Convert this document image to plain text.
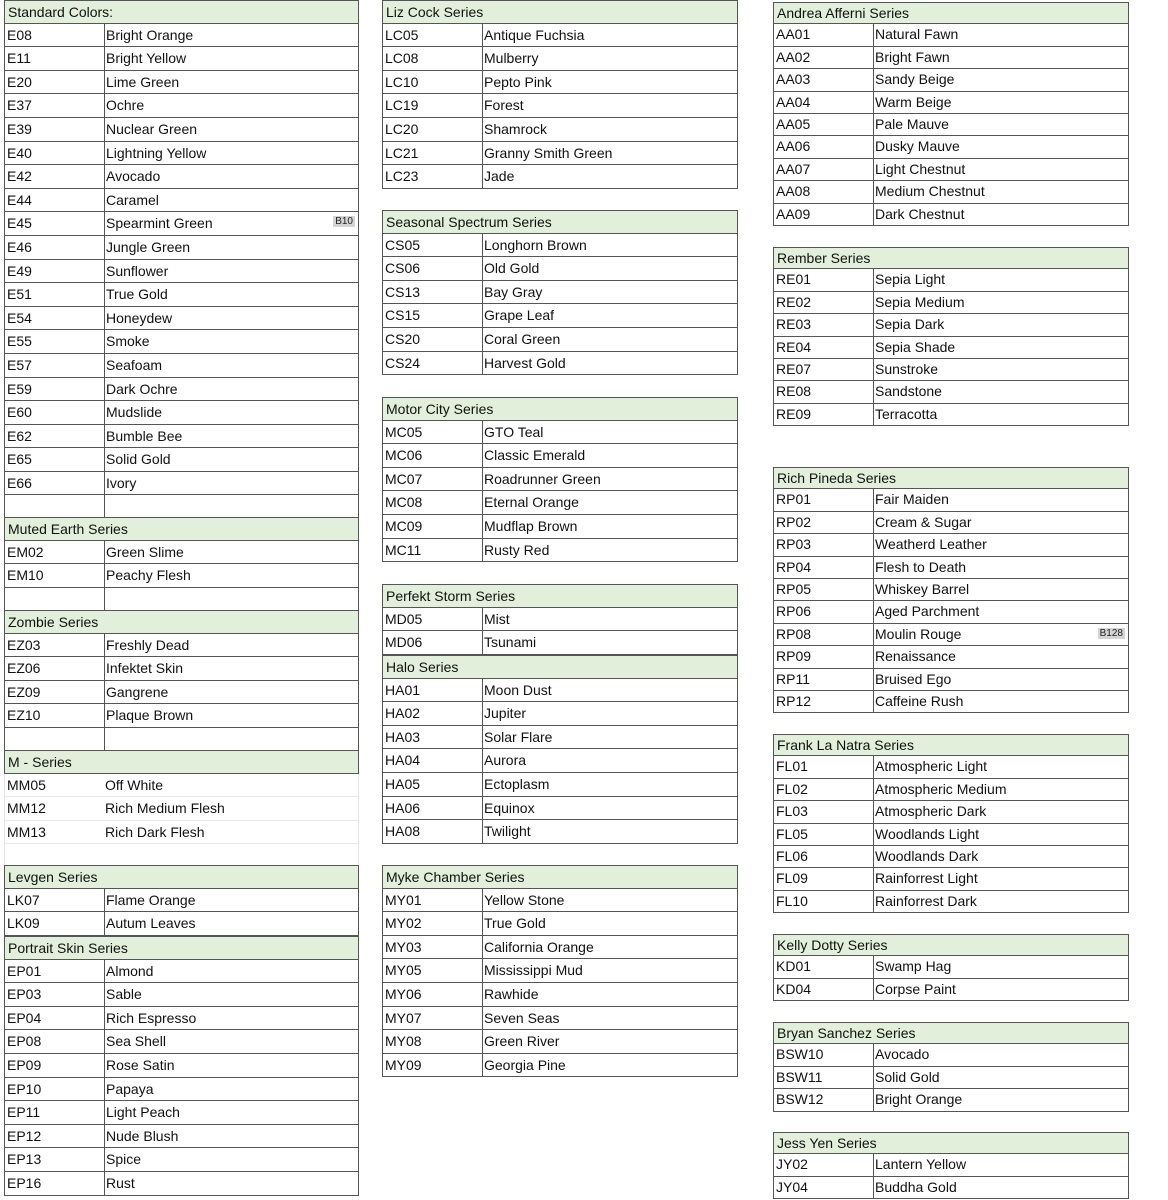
Standard Colors:
E08	Bright Orange
E11	Bright Yellow
E20	Lime Green
E37	Ochre
E39	Nuclear Green
E40	Lightning Yellow
E42	Avocado
E44	Caramel
E45	Spearmint Green	B10
E46	Jungle Green
E49	Sunflower
E51	True Gold
E54	Honeydew
E55	Smoke
E57	Seafoam
E59	Dark Ochre
E60	Mudslide
E62	Bumble Bee
E65	Solid Gold
E66	Ivory
Muted Earth Series
EM02	Green Slime
EM10	Peachy Flesh
Zombie Series
EZ03	Freshly Dead
EZ06	Infektet Skin
EZ09	Gangrene
EZ10	Plaque Brown
M - Series
MM05	Off White
MM12	Rich Medium Flesh
MM13	Rich Dark Flesh
Levgen Series
LK07	Flame Orange
LK09	Autum Leaves
Portrait Skin Series
EP01	Almond
EP03	Sable
EP04	Rich Espresso
EP08	Sea Shell
EP09	Rose Satin
EP10	Papaya
EP11	Light Peach
EP12	Nude Blush
EP13	Spice
EP16	Rust
Liz Cock Series
LC05	Antique Fuchsia
LC08	Mulberry
LC10	Pepto Pink
LC19	Forest
LC20	Shamrock
LC21	Granny Smith Green
LC23	Jade
Seasonal Spectrum Series
CS05	Longhorn Brown
CS06	Old Gold
CS13	Bay Gray
CS15	Grape Leaf
CS20	Coral Green
CS24	Harvest Gold
Motor City Series
MC05	GTO Teal
MC06	Classic Emerald
MC07	Roadrunner Green
MC08	Eternal Orange
MC09	Mudflap Brown
MC11	Rusty Red
Perfekt Storm Series
MD05	Mist
MD06	Tsunami
Halo Series
HA01	Moon Dust
HA02	Jupiter
HA03	Solar Flare
HA04	Aurora
HA05	Ectoplasm
HA06	Equinox
HA08	Twilight
Myke Chamber Series
MY01	Yellow Stone
MY02	True Gold
MY03	California Orange
MY05	Mississippi Mud
MY06	Rawhide
MY07	Seven Seas
MY08	Green River
MY09	Georgia Pine
Andrea Afferni Series
AA01	Natural Fawn
AA02	Bright Fawn
AA03	Sandy Beige
AA04	Warm Beige
AA05	Pale Mauve
AA06	Dusky Mauve
AA07	Light Chestnut
AA08	Medium Chestnut
AA09	Dark Chestnut
Rember Series
RE01	Sepia Light
RE02	Sepia Medium
RE03	Sepia Dark
RE04	Sepia Shade
RE07	Sunstroke
RE08	Sandstone
RE09	Terracotta
Rich Pineda Series
RP01	Fair Maiden
RP02	Cream & Sugar
RP03	Weatherd Leather
RP04	Flesh to Death
RP05	Whiskey Barrel
RP06	Aged Parchment
RP08	Moulin Rouge	B128
RP09	Renaissance
RP11	Bruised Ego
RP12	Caffeine Rush
Frank La Natra Series
FL01	Atmospheric Light
FL02	Atmospheric Medium
FL03	Atmospheric Dark
FL05	Woodlands Light
FL06	Woodlands Dark
FL09	Rainforrest Light
FL10	Rainforrest Dark
Kelly Dotty Series
KD01	Swamp Hag
KD04	Corpse Paint
Bryan Sanchez Series
BSW10	Avocado
BSW11	Solid Gold
BSW12	Bright Orange
Jess Yen Series
JY02	Lantern Yellow
JY04	Buddha Gold
